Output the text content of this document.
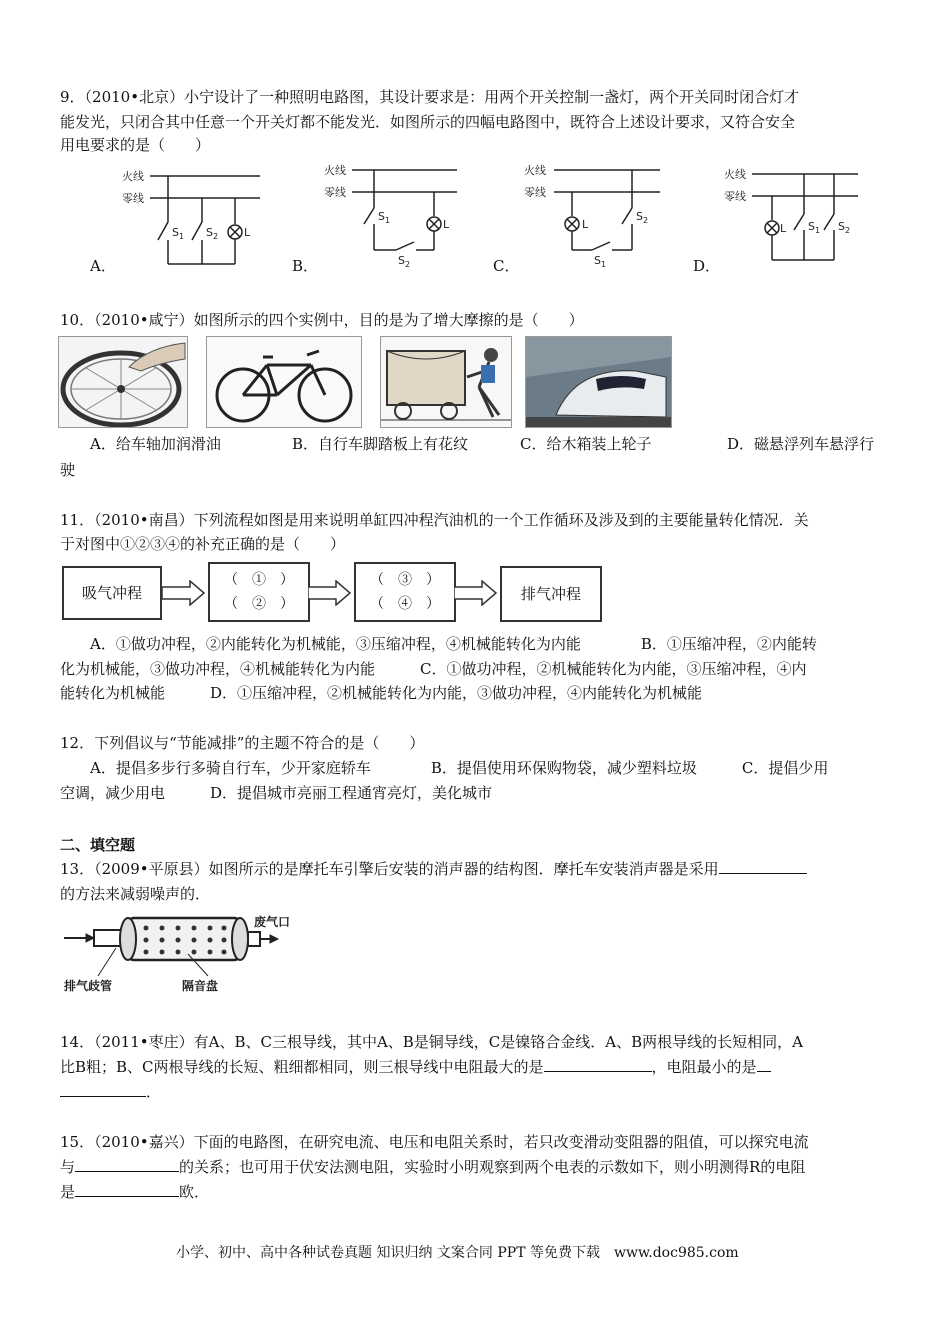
9．（2010•北京）小宁设计了一种照明电路图，其设计要求是：用两个开关控制一盏灯，两个开关同时闭合灯才
能发光，只闭合其中任意一个开关灯都不能发光．如图所示的四幅电路图中，既符合上述设计要求，又符合安全
用电要求的是（　　）
火线
零线
$S_1$ $S_2$ L
A．
火线
零线
$S_1$
$S_2$
L
B．
火线
零线
L
$S_1$
$S_2$
C．
火线
零线
L $S_1$ $S_2$
D．
10．（2010•咸宁）如图所示的四个实例中，目的是为了增大摩擦的是（　　）
A．给车轴加润滑油	B．自行车脚踏板上有花纹	C．给木箱装上轮子	D．磁悬浮列车悬浮行
驶
11．（2010•南昌）下列流程如图是用来说明单缸四冲程汽油机的一个工作循环及涉及到的主要能量转化情况．关
于对图中①②③④的补充正确的是（　　）
吸气冲程
（　①　）
（　②　）
（　③　）
（　④　）
排气冲程
A．①做功冲程，②内能转化为机械能，③压缩冲程，④机械能转化为内能　　　　B．①压缩冲程，②内能转
化为机械能，③做功冲程，④机械能转化为内能　　　C．①做功冲程，②机械能转化为内能，③压缩冲程，④内
能转化为机械能　　　D．①压缩冲程，②机械能转化为内能，③做功冲程，④内能转化为机械能
12．下列倡议与“节能减排”的主题不符合的是（　　）
A．提倡多步行多骑自行车，少开家庭轿车　　　　B．提倡使用环保购物袋，减少塑料垃圾　　　C．提倡少用
空调，减少用电　　　D．提倡城市亮丽工程通宵亮灯，美化城市
二、填空题
13．（2009•平原县）如图所示的是摩托车引擎后安装的消声器的结构图．摩托车安装消声器是采用
的方法来减弱噪声的．
废气口
排气歧管	隔音盘
14．（2011•枣庄）有A、B、C三根导线，其中A、B是铜导线，C是镍铬合金线．A、B两根导线的长短相同，A
比B粗；B、C两根导线的长短、粗细都相同，则三根导线中电阻最大的是	，电阻最小的是
．
15．（2010•嘉兴）下面的电路图，在研究电流、电压和电阻关系时，若只改变滑动变阻器的阻值，可以探究电流
与	的关系；也可用于伏安法测电阻，实验时小明观察到两个电表的示数如下，则小明测得R的电阻
是	欧．
小学、初中、高中各种试卷真题 知识归纳 文案合同 PPT 等免费下载　www.doc985.com
